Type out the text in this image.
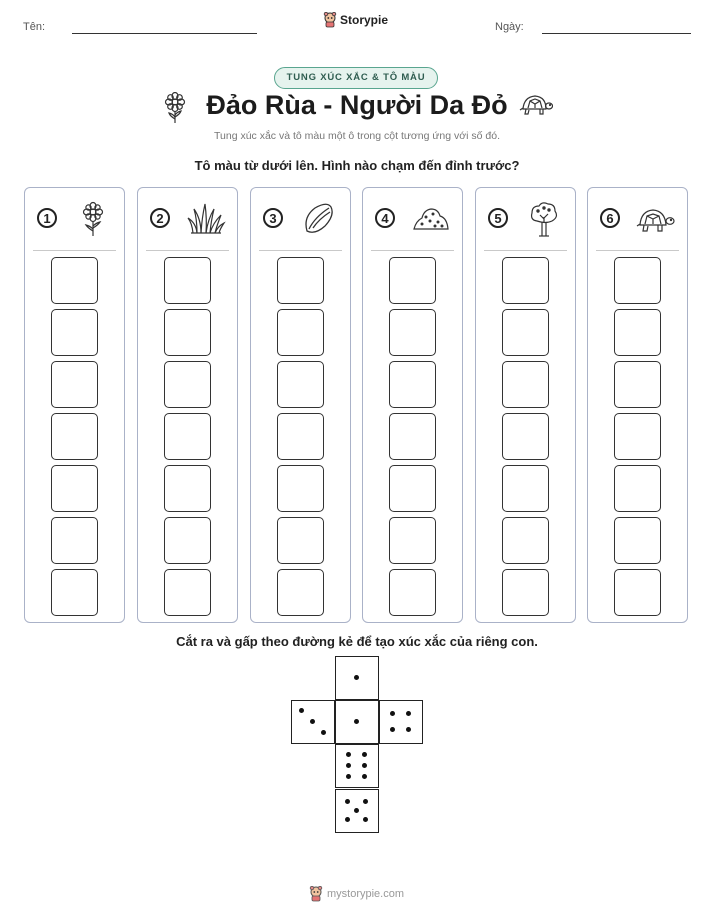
Tên:	Storypie	Ngày:
TUNG XÚC XẮC & TÔ MÀU
Đảo Rùa - Người Da Đỏ
Tung xúc xắc và tô màu một ô trong cột tương ứng với số đó.
Tô màu từ dưới lên. Hình nào chạm đến đỉnh trước?
1	2	3	4	5	6
Cắt ra và gấp theo đường kẻ để tạo xúc xắc của riêng con.
mystorypie.com
